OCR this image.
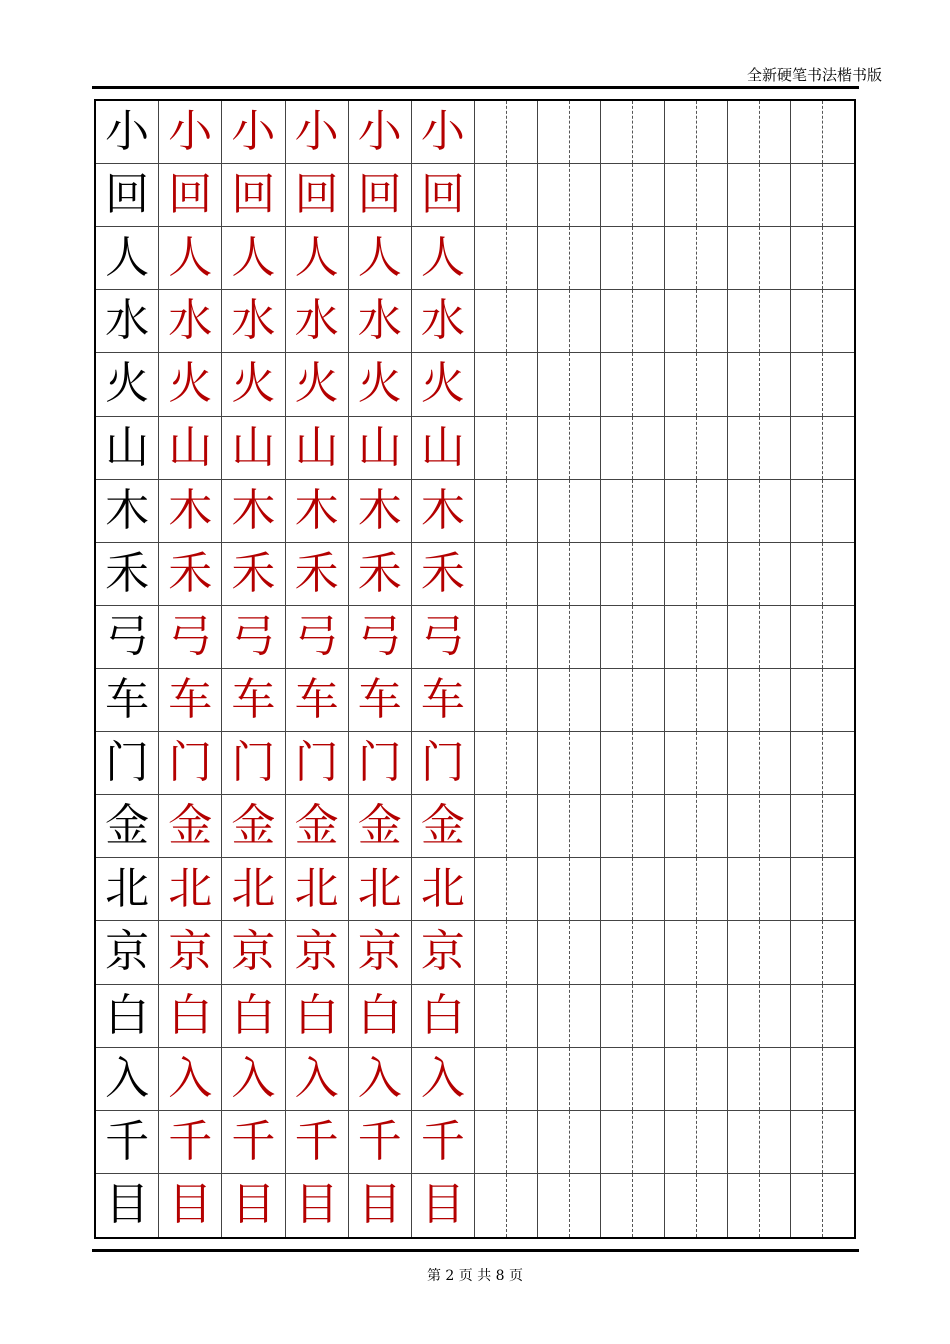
全新硬笔书法楷书版
小 小 小 小 小 小
回 回 回 回 回 回
人 人 人 人 人 人
水 水 水 水 水 水
火 火 火 火 火 火
山 山 山 山 山 山
木 木 木 木 木 木
禾 禾 禾 禾 禾 禾
弓 弓 弓 弓 弓 弓
车 车 车 车 车 车
门 门 门 门 门 门
金 金 金 金 金 金
北 北 北 北 北 北
京 京 京 京 京 京
白 白 白 白 白 白
入 入 入 入 入 入
千 千 千 千 千 千
目 目 目 目 目 目
第 2 页 共 8 页
